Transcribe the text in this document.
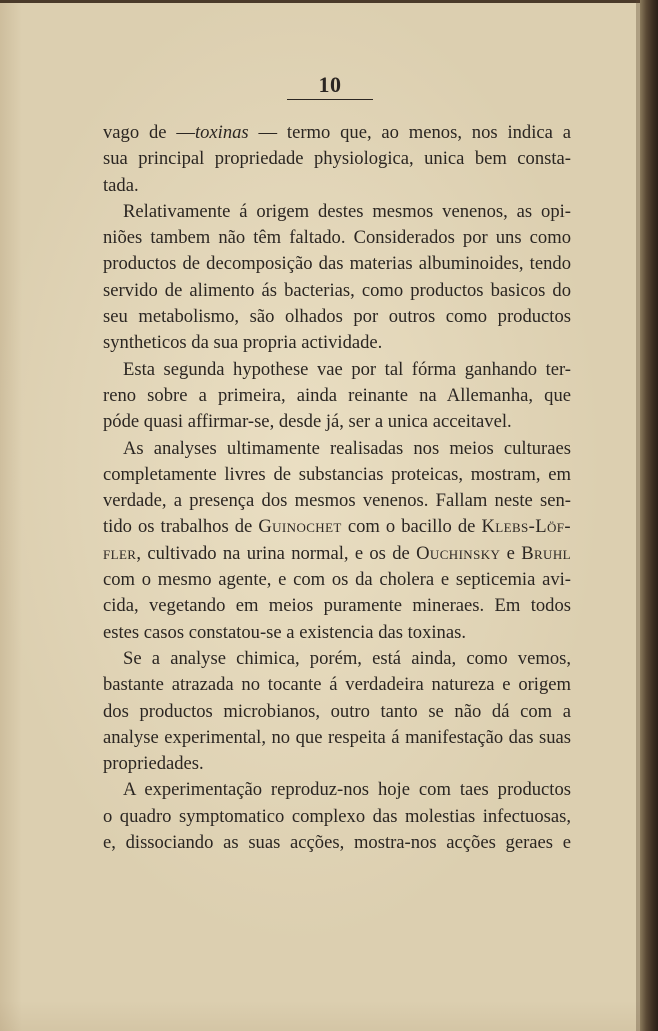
10
vago de —toxinas — termo que, ao menos, nos indica a
sua principal propriedade physiologica, unica bem consta-
tada.
Relativamente á origem destes mesmos venenos, as opi-
niões tambem não têm faltado. Considerados por uns como
productos de decomposição das materias albuminoides, tendo
servido de alimento ás bacterias, como productos basicos do
seu metabolismo, são olhados por outros como productos
syntheticos da sua propria actividade.
Esta segunda hypothese vae por tal fórma ganhando ter-
reno sobre a primeira, ainda reinante na Allemanha, que
póde quasi affirmar-se, desde já, ser a unica acceitavel.
As analyses ultimamente realisadas nos meios culturaes
completamente livres de substancias proteicas, mostram, em
verdade, a presença dos mesmos venenos. Fallam neste sen-
tido os trabalhos de Guinochet com o bacillo de Klebs-Löf-
fler, cultivado na urina normal, e os de Ouchinsky e Bruhl
com o mesmo agente, e com os da cholera e septicemia avi-
cida, vegetando em meios puramente mineraes. Em todos
estes casos constatou-se a existencia das toxinas.
Se a analyse chimica, porém, está ainda, como vemos,
bastante atrazada no tocante á verdadeira natureza e origem
dos productos microbianos, outro tanto se não dá com a
analyse experimental, no que respeita á manifestação das suas
propriedades.
A experimentação reproduz-nos hoje com taes productos
o quadro symptomatico complexo das molestias infectuosas,
e, dissociando as suas acções, mostra-nos acções geraes e
